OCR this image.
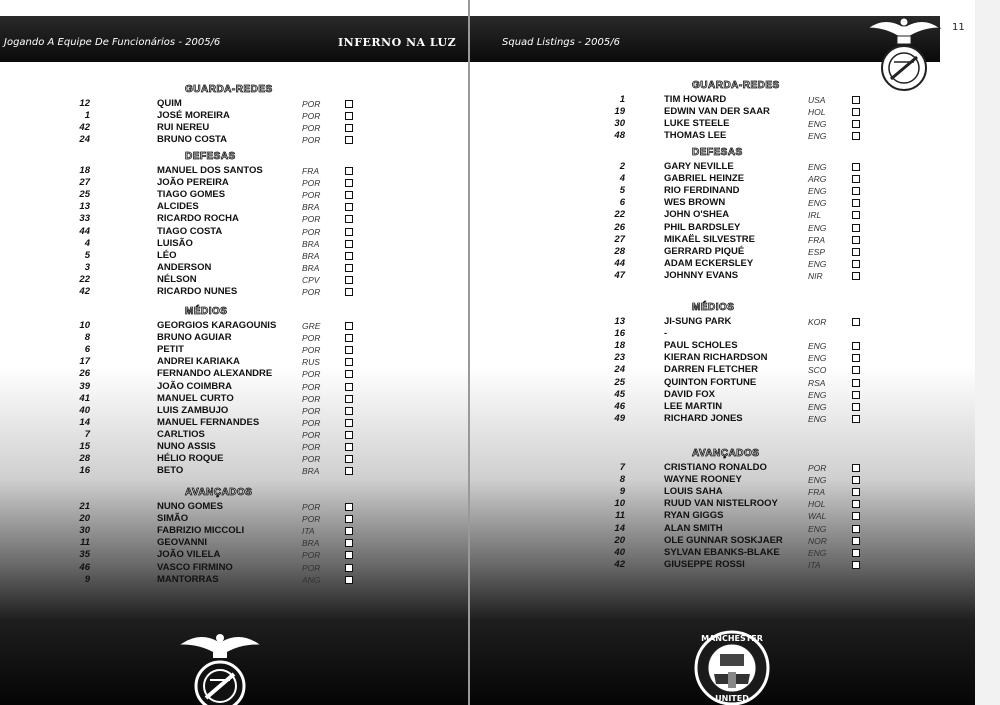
Jogando A Equipe De Funcionários - 2005/6	INFERNO NA LUZ
GUARDA-REDES
12	QUIM	POR
1	JOSÉ MOREIRA	POR
42	RUI NEREU	POR
24	BRUNO COSTA	POR
DEFESAS
18	MANUEL DOS SANTOS	FRA
27	JOÃO PEREIRA	POR
25	TIAGO GOMES	POR
13	ALCIDES	BRA
33	RICARDO ROCHA	POR
44	TIAGO COSTA	POR
4	LUISÃO	BRA
5	LÉO	BRA
3	ANDERSON	BRA
22	NÉLSON	CPV
42	RICARDO NUNES	POR
MÉDIOS
10	GEORGIOS KARAGOUNIS	GRE
8	BRUNO AGUIAR	POR
6	PETIT	POR
17	ANDREI KARIAKA	RUS
26	FERNANDO ALEXANDRE	POR
39	JOÃO COIMBRA	POR
41	MANUEL CURTO	POR
40	LUIS ZAMBUJO	POR
14	MANUEL FERNANDES	POR
7	CARLTIOS	POR
15	NUNO ASSIS	POR
28	HÉLIO ROQUE	POR
16	BETO	BRA
AVANÇADOS
21	NUNO GOMES	POR
20	SIMÃO	POR
30	FABRIZIO MICCOLI	ITA
11	GEOVANNI	BRA
35	JOÃO VILELA	POR
46	VASCO FIRMINO	POR
9	MANTORRAS	ANG
Squad Listings - 2005/6
GUARDA-REDES
1	TIM HOWARD	USA
19	EDWIN VAN DER SAAR	HOL
30	LUKE STEELE	ENG
48	THOMAS LEE	ENG
DEFESAS
2	GARY NEVILLE	ENG
4	GABRIEL HEINZE	ARG
5	RIO FERDINAND	ENG
6	WES BROWN	ENG
22	JOHN O'SHEA	IRL
26	PHIL BARDSLEY	ENG
27	MIKAËL SILVESTRE	FRA
28	GERRARD PIQUÉ	ESP
44	ADAM ECKERSLEY	ENG
47	JOHNNY EVANS	NIR
MÉDIOS
13	JI-SUNG PARK	KOR
16	-
18	PAUL SCHOLES	ENG
23	KIERAN RICHARDSON	ENG
24	DARREN FLETCHER	SCO
25	QUINTON FORTUNE	RSA
45	DAVID FOX	ENG
46	LEE MARTIN	ENG
49	RICHARD JONES	ENG
AVANÇADOS
7	CRISTIANO RONALDO	POR
8	WAYNE ROONEY	ENG
9	LOUIS SAHA	FRA
10	RUUD VAN NISTELROOY	HOL
11	RYAN GIGGS	WAL
14	ALAN SMITH	ENG
20	OLE GUNNAR SOSKJAER	NOR
40	SYLVAN EBANKS-BLAKE	ENG
42	GIUSEPPE ROSSI	ITA
MANCHESTER
UNITED
11
